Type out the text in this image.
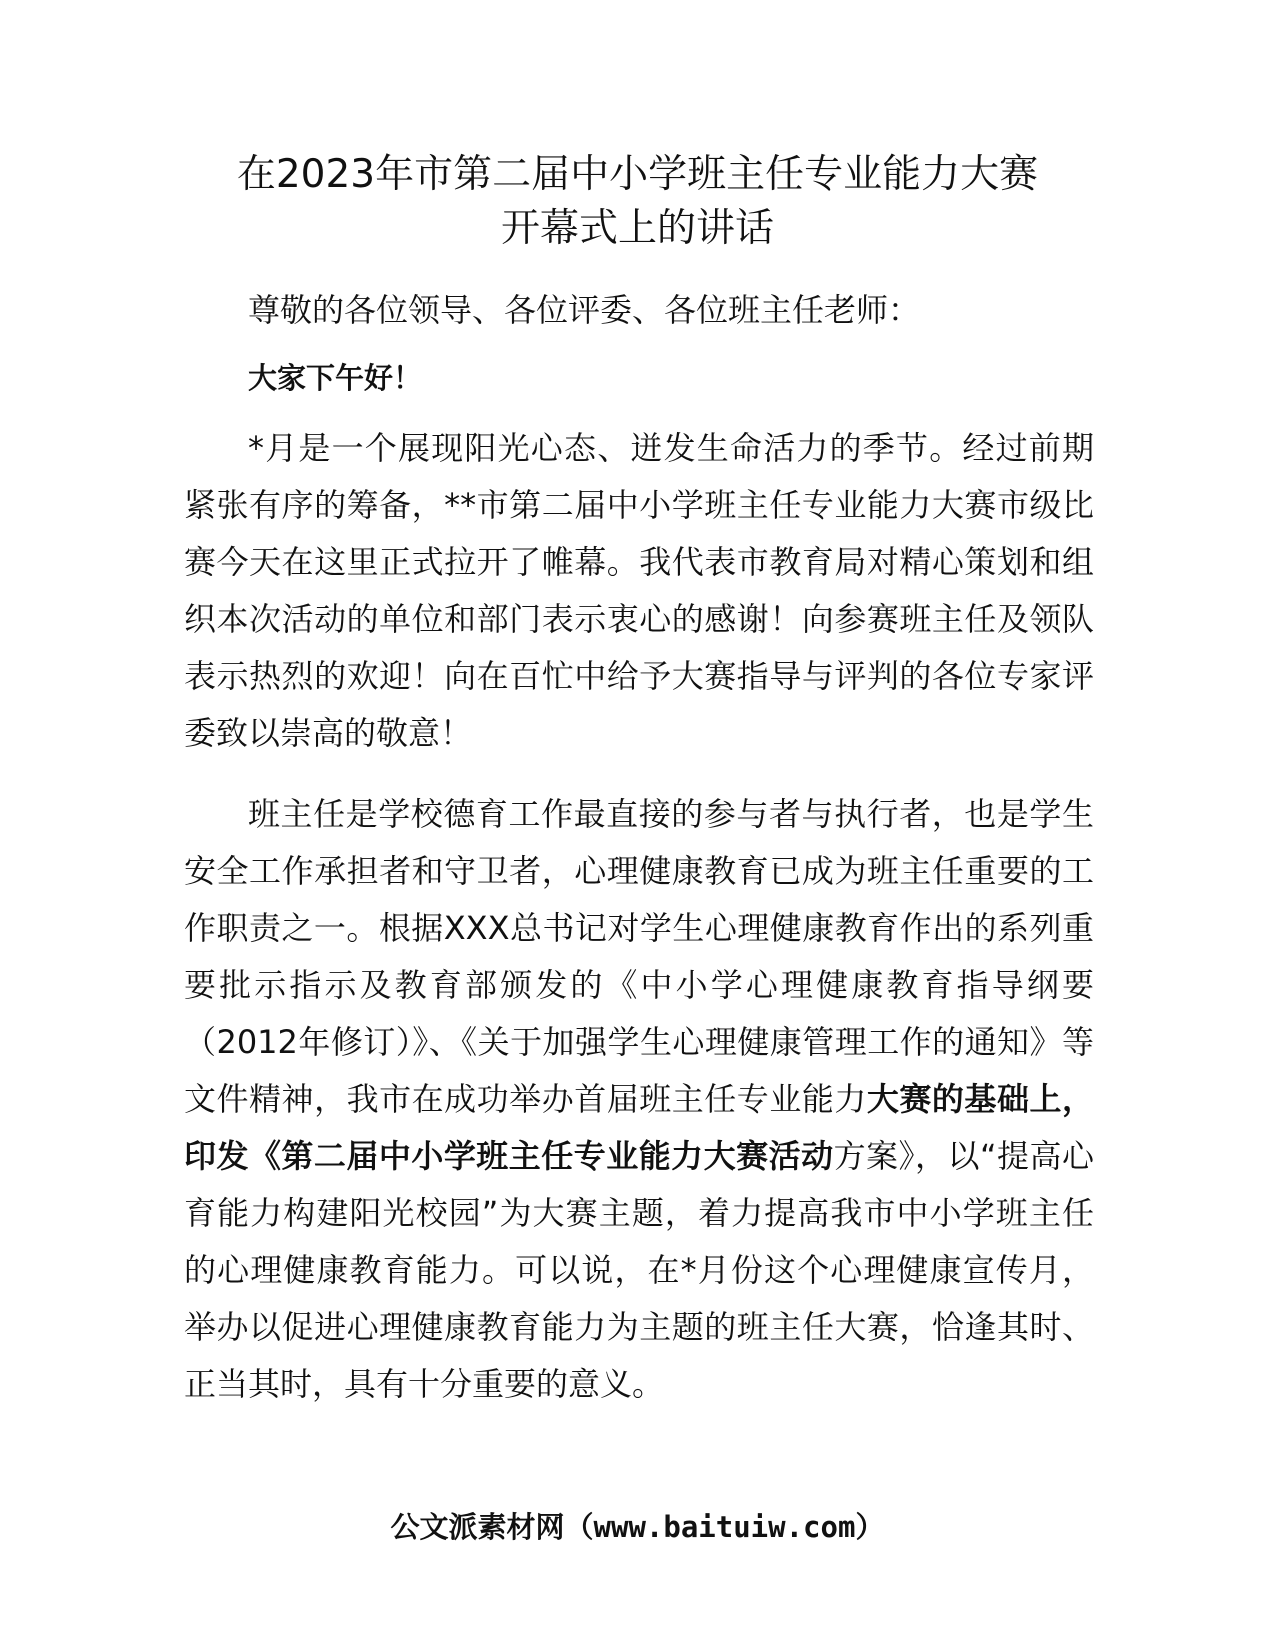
在2023年市第二届中小学班主任专业能力大赛
开幕式上的讲话

尊敬的各位领导、各位评委、各位班主任老师：

大家下午好！

*月是一个展现阳光心态、迸发生命活力的季节。经过前期紧张有序的筹备，**市第二届中小学班主任专业能力大赛市级比赛今天在这里正式拉开了帷幕。我代表市教育局对精心策划和组织本次活动的单位和部门表示衷心的感谢！向参赛班主任及领队表示热烈的欢迎！向在百忙中给予大赛指导与评判的各位专家评委致以崇高的敬意！

班主任是学校德育工作最直接的参与者与执行者，也是学生安全工作承担者和守卫者，心理健康教育已成为班主任重要的工作职责之一。根据XXX总书记对学生心理健康教育作出的系列重要批示指示及教育部颁发的《中小学心理健康教育指导纲要（2012年修订）》、《关于加强学生心理健康管理工作的通知》等文件精神，我市在成功举办首届班主任专业能力大赛的基础上，印发《第二届中小学班主任专业能力大赛活动方案》，以“提高心育能力构建阳光校园”为大赛主题，着力提高我市中小学班主任的心理健康教育能力。可以说，在*月份这个心理健康宣传月，举办以促进心理健康教育能力为主题的班主任大赛，恰逢其时、正当其时，具有十分重要的意义。

公文派素材网（www.baituiw.com）
